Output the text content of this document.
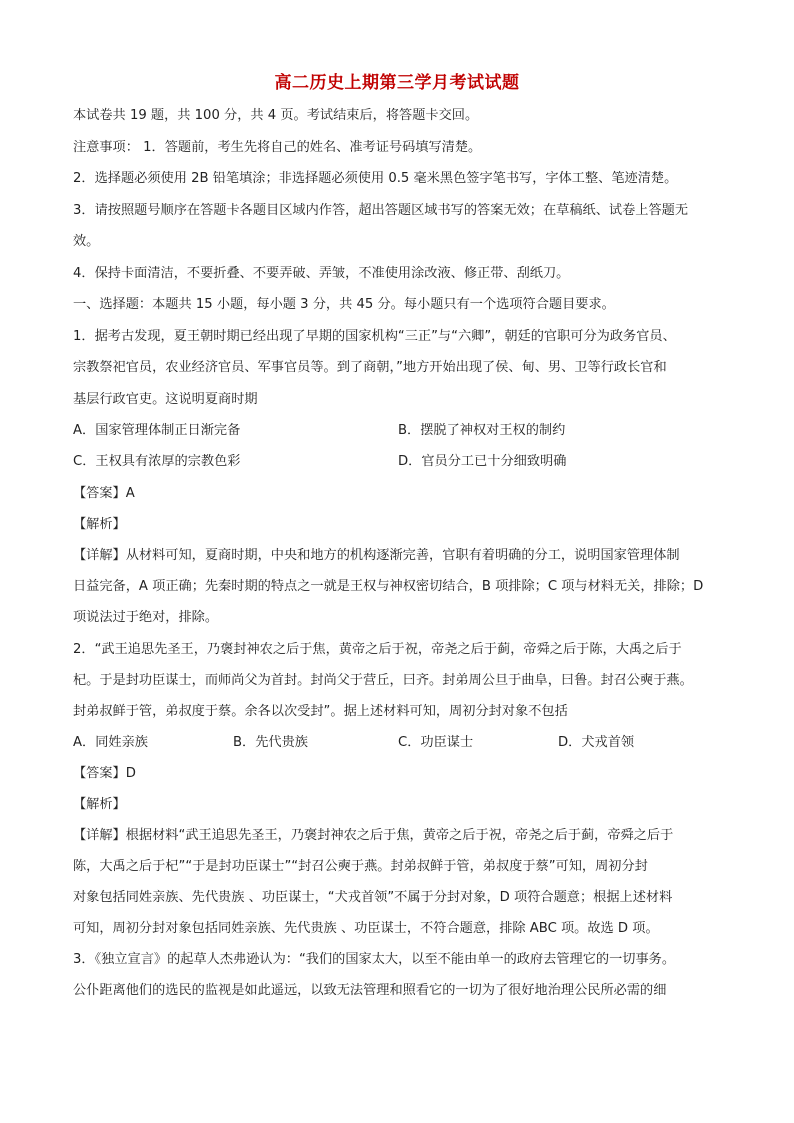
高二历史上期第三学月考试试题
本试卷共 19 题，共 100 分，共 4 页。考试结束后，将答题卡交回。
注意事项： 1．答题前，考生先将自己的姓名、准考证号码填写清楚。
2．选择题必须使用 2B 铅笔填涂；非选择题必须使用 0.5 毫米黑色签字笔书写，字体工整、笔迹清楚。
3．请按照题号顺序在答题卡各题目区域内作答，超出答题区域书写的答案无效；在草稿纸、试卷上答题无
效。
4．保持卡面清洁，不要折叠、不要弄破、弄皱，不准使用涂改液、修正带、刮纸刀。
一、选择题：本题共 15 小题，每小题 3 分，共 45 分。每小题只有一个选项符合题目要求。
1．据考古发现，夏王朝时期已经出现了早期的国家机构“三正”与“六卿”，朝廷的官职可分为政务官员、
宗教祭祀官员，农业经济官员、军事官员等。到了商朝，”地方开始出现了侯、甸、男、卫等行政长官和
基层行政官吏。这说明夏商时期
A．国家管理体制正日渐完备	B．摆脱了神权对王权的制约
C．王权具有浓厚的宗教色彩	D．官员分工已十分细致明确
【答案】A
【解析】
【详解】从材料可知，夏商时期，中央和地方的机构逐渐完善，官职有着明确的分工，说明国家管理体制
日益完备，A 项正确；先秦时期的特点之一就是王权与神权密切结合，B 项排除；C 项与材料无关，排除；D
项说法过于绝对，排除。
2．“武王追思先圣王，乃褒封神农之后于焦，黄帝之后于祝，帝尧之后于蓟，帝舜之后于陈，大禹之后于
杞。于是封功臣谋士，而师尚父为首封。封尚父于营丘，曰齐。封弟周公旦于曲阜，曰鲁。封召公奭于燕。
封弟叔鲜于管，弟叔度于蔡。余各以次受封”。据上述材料可知，周初分封对象不包括
A．同姓亲族	B．先代贵族	C．功臣谋士	D．犬戎首领
【答案】D
【解析】
【详解】根据材料“武王追思先圣王，乃褒封神农之后于焦，黄帝之后于祝，帝尧之后于蓟，帝舜之后于
陈，大禹之后于杞”“于是封功臣谋士”“封召公奭于燕。封弟叔鲜于管，弟叔度于蔡”可知，周初分封
对象包括同姓亲族、先代贵族 、功臣谋士，“犬戎首领”不属于分封对象，D 项符合题意；根据上述材料
可知，周初分封对象包括同姓亲族、先代贵族 、功臣谋士，不符合题意，排除 ABC 项。故选 D 项。
3．《独立宣言》的起草人杰弗逊认为：“我们的国家太大，以至不能由单一的政府去管理它的一切事务。
公仆距离他们的选民的监视是如此遥远，以致无法管理和照看它的一切为了很好地治理公民所必需的细
